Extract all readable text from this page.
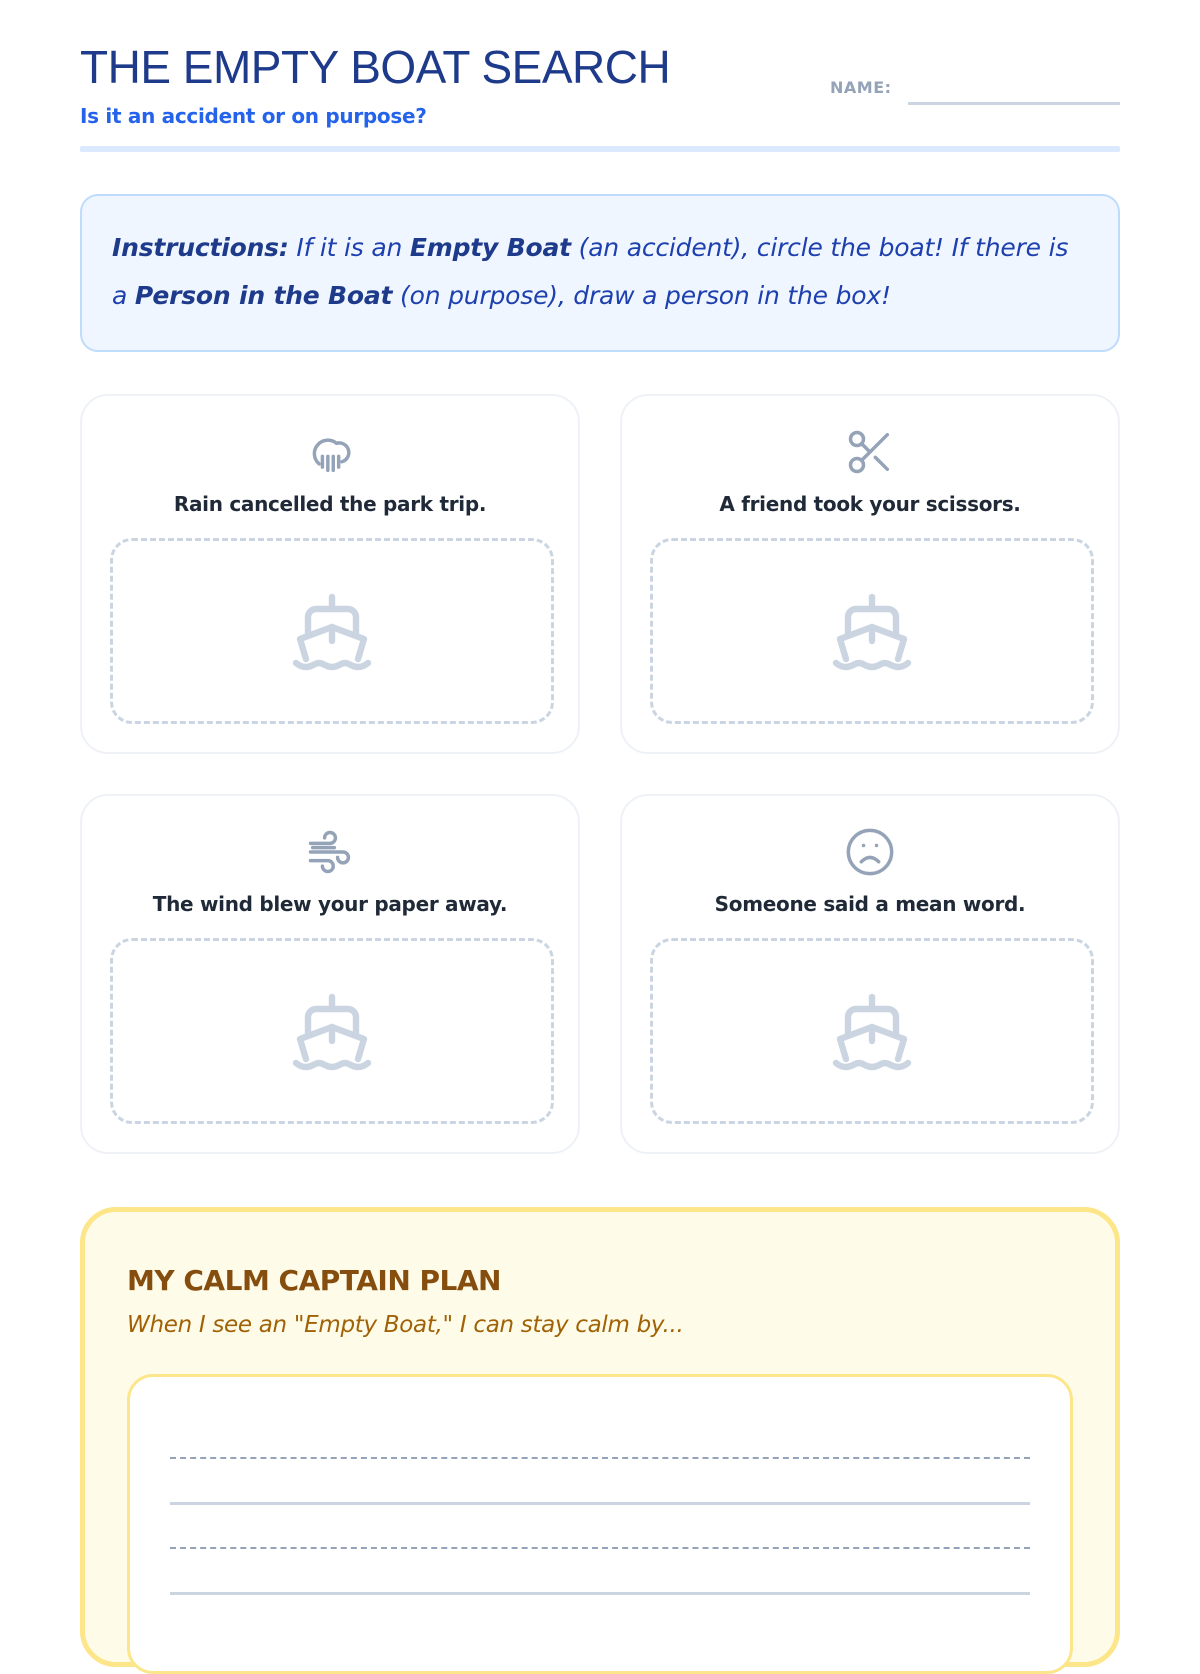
THE EMPTY BOAT SEARCH
Is it an accident or on purpose?
NAME:
Instructions: If it is an Empty Boat (an accident), circle the boat! If there is a Person in the Boat (on purpose), draw a person in the box!
Rain cancelled the park trip.	A friend took your scissors.
The wind blew your paper away.	Someone said a mean word.
MY CALM CAPTAIN PLAN
When I see an "Empty Boat," I can stay calm by...
